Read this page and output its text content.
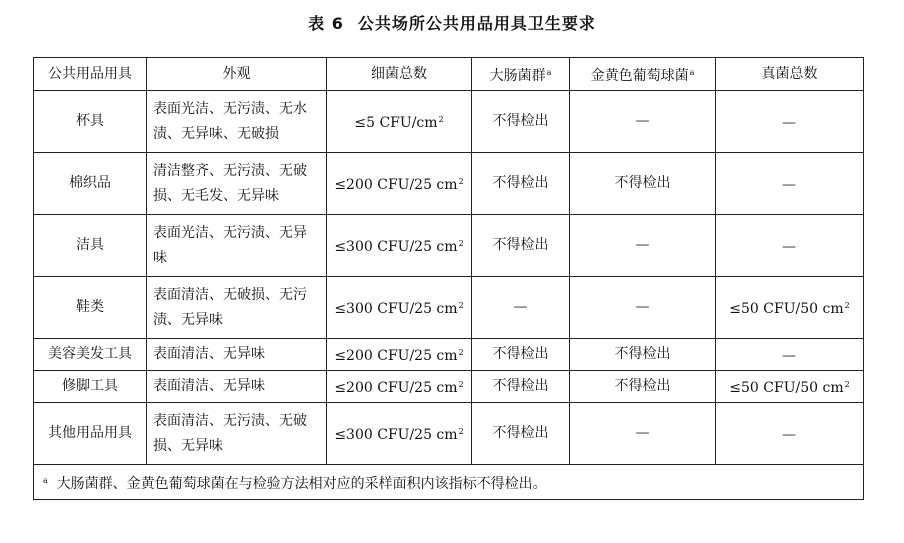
表 6 公共场所公共用品用具卫生要求
公共用品用具	外观	细菌总数	大肠菌群$^a$	金黄色葡萄球菌$^a$	真菌总数
杯具	表面光洁、无污渍、无水渍、无异味、无破损	≤5 CFU/$cm^2$	不得检出	—	—
棉织品	清洁整齐、无污渍、无破损、无毛发、无异味	≤200 CFU/25 $cm^2$	不得检出	不得检出	—
洁具	表面光洁、无污渍、无异味	≤300 CFU/25 $cm^2$	不得检出	—	—
鞋类	表面清洁、无破损、无污渍、无异味	≤300 CFU/25 $cm^2$	—	—	≤50 CFU/50 $cm^2$
美容美发工具	表面清洁、无异味	≤200 CFU/25 $cm^2$	不得检出	不得检出	—
修脚工具	表面清洁、无异味	≤200 CFU/25 $cm^2$	不得检出	不得检出	≤50 CFU/50 $cm^2$
其他用品用具	表面清洁、无污渍、无破损、无异味	≤300 CFU/25 $cm^2$	不得检出	—	—
$^a$ 大肠菌群、金黄色葡萄球菌在与检验方法相对应的采样面积内该指标不得检出。					
